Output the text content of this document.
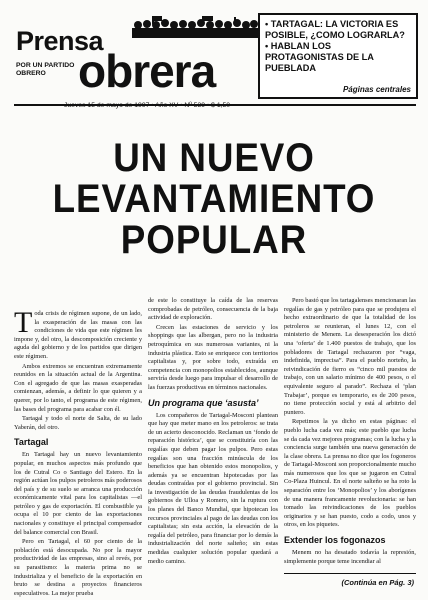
Prensa
obrera
POR UN PARTIDO OBRERO
• TARTAGAL: LA VICTORIA ES POSIBLE, ¿COMO LOGRARLA?
• HABLAN LOS PROTAGONISTAS DE LA PUEBLADA
Páginas centrales
UN NUEVO
LEVANTAMIENTO
POPULAR

Toda crisis de régimen supone, de un lado, la exasperación de las masas con las condiciones de vida que este régimen les impone y, del otro, la descomposición creciente y aguda del gobierno y de los partidos que dirigen este régimen.

Ambos extremos se encuentran extremamente reunidos en la situación actual de la Argentina. Con el agregado de que las masas exasperadas comienzan, además, a definir lo que quieren y a querer, por lo tanto, el programa de este régimen, las bases del programa para acabar con él.

Tartagal y todo el norte de Salta, de su lado Yaberán, del otro.

Tartagal

En Tartagal hay un nuevo levantamiento popular, en muchos aspectos más profundo que los de Cutral Co o Santiago del Estero. En la región actúan los pulpos petroleros más poderosos del país y de su suelo se arranca una producción económicamente vital para los capitalistas —el petróleo y gas de exportación. El combustible ya ocupa el 10 por ciento de las exportaciones nacionales y constituye el principal compensador del balance comercial con Brasil.

Pero en Tartagal, el 60 por ciento de la población está desocupada. No por la mayor productividad de las empresas, sino al revés, por su parasitismo: la materia prima no se industrializa y el beneficio de la exportación en bruto se destina a proyectos financieros especulativos. La mejor prueba

de este lo constituye la caída de las reservas comprobadas de petróleo, consecuencia de la baja actividad de exploración.

Crecen las estaciones de servicio y los shoppings que las albergan, pero no la industria petroquímica en sus numerosas variantes, ni la industria plástica. Esto se enriquece con territorios capitalistas y, por sobre todo, extraída en competencia con monopolios establecidos, aunque serviría desde luego para impulsar el desarrollo de las fuerzas productivas en términos nacionales.

Un programa que ‘asusta’

Los compañeros de Tartagal-Mosconi plantean que hay que meter mano en los petroleros: se trata de un acierto desconocido. Reclaman un ‘fondo de reparación histórica’, que se constituiría con las regalías que deben pagar los pulpos. Pero estas regalías son una fracción minúscula de los beneficios que han obtenido estos monopolios, y además ya se encuentran hipotecadas por las deudas contraídas por el gobierno provincial. Sin la investigación de las deudas fraudulentas de los gobiernos de Ulloa y Romero, sin la ruptura con los planes del Banco Mundial, que hipotecan los recursos provinciales al pago de las deudas con los capitalistas; sin esta acción, la elevación de la regalía del petróleo, para financiar por lo demás la industrialización del norte salteño; sin estas medidas cualquier solución popular quedará a medio camino.

Pero bastó que los tartagalenses mencionaran las regalías de gas y petróleo para que se produjera el hecho extraordinario de que la totalidad de los petroleros se reunieran, el lunes 12, con el ministerio de Menem. La desesperación los dictó una ‘oferta’ de 1.400 puestos de trabajo, que los pobladores de Tartagal rechazaron por “vaga, indefinida, imprecisa”. Para el pueblo norteño, la reivindicación de fierro es “cinco mil puestos de trabajo, con un salario mínimo de 400 pesos, o el equivalente seguro al parado”. Rechaza el ‘plan Trabajar’, porque es temporario, es de 200 pesos, no tiene protección social y está al arbitrio del puntero.

Repetimos la ya dicho en estas páginas: el pueblo lucha cada vez más; este pueblo que lucha se da cada vez mejores programas; con la lucha y la conciencia surge también una nueva generación de la clase obrera. La prensa no dice que los fogoneros de Tartagal-Mosconi son proporcionalmente mucho más numerosos que los que se jugaron en Cutral Co-Plaza Huincul. En el norte salteño se ha roto la separación entre los ‘Monopolios’ y los aborígenes de una manera francamente revolucionaria: se han tomado las reivindicaciones de los pueblos originarios y se han puesto, codo a codo, unos y otros, en los piquetes.

Extender los fogonazos

Menem no ha desatado todavía la represión, simplemente porque teme incendiar al

(Continúa en Pág. 3)
